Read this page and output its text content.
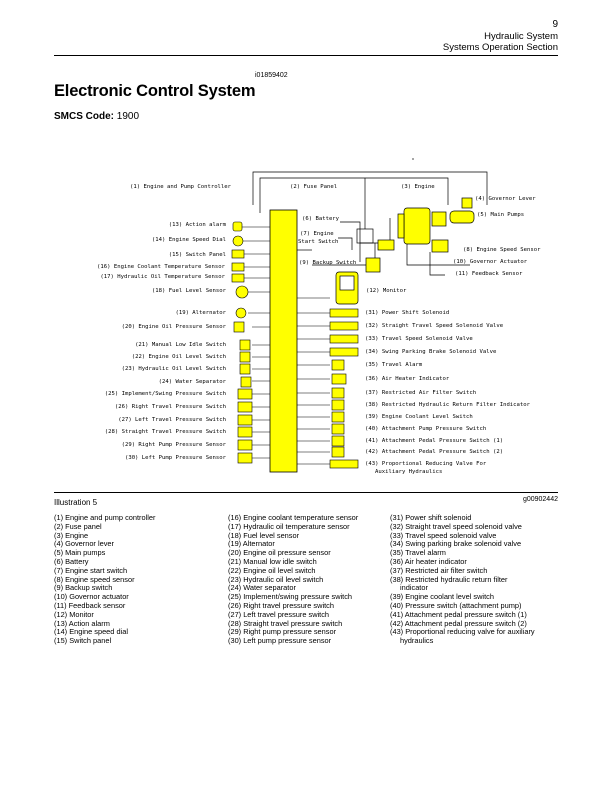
9
Hydraulic System
Systems Operation Section
i01859402
Electronic Control System
SMCS Code: 1900
(1) Engine and Pump Controller	(2) Fuse Panel	(3) Engine
(4) Governor Lever
(5) Main Pumps
(6) Battery
(7) Engine
Start Switch
(8) Engine Speed Sensor
(9) Backup Switch	(10) Governor Actuator
(11) Feedback Sensor
(12) Monitor
(13) Action alarm
(14) Engine Speed Dial
(15) Switch Panel
(16) Engine Coolant Temperature Sensor
(17) Hydraulic Oil Temperature Sensor
(18) Fuel Level Sensor
(19) Alternator
(20) Engine Oil Pressure Sensor
(21) Manual Low Idle Switch
(22) Engine Oil Level Switch
(23) Hydraulic Oil Level Switch
(24) Water Separator
(25) Implement/Swing Pressure Switch
(26) Right Travel Pressure Switch
(27) Left Travel Pressure Switch
(28) Straight Travel Pressure Switch
(29) Right Pump Pressure Sensor
(30) Left Pump Pressure Sensor
(31) Power Shift Solenoid
(32) Straight Travel Speed Solenoid Valve
(33) Travel Speed Solenoid Valve
(34) Swing Parking Brake Solenoid Valve
(35) Travel Alarm
(36) Air Heater Indicator
(37) Restricted Air Filter Switch
(38) Restricted Hydraulic Return Filter Indicator
(39) Engine Coolant Level Switch
(40) Attachment Pump Pressure Switch
(41) Attachment Pedal Pressure Switch (1)
(42) Attachment Pedal Pressure Switch (2)
(43) Proportional Reducing Valve For
Auxiliary Hydraulics
Illustration 5	g00902442
(1) Engine and pump controller
(2) Fuse panel
(3) Engine
(4) Governor lever
(5) Main pumps
(6) Battery
(7) Engine start switch
(8) Engine speed sensor
(9) Backup switch
(10) Governor actuator
(11) Feedback sensor
(12) Monitor
(13) Action alarm
(14) Engine speed dial
(15) Switch panel
(16) Engine coolant temperature sensor
(17) Hydraulic oil temperature sensor
(18) Fuel level sensor
(19) Alternator
(20) Engine oil pressure sensor
(21) Manual low idle switch
(22) Engine oil level switch
(23) Hydraulic oil level switch
(24) Water separator
(25) Implement/swing pressure switch
(26) Right travel pressure switch
(27) Left travel pressure switch
(28) Straight travel pressure switch
(29) Right pump pressure sensor
(30) Left pump pressure sensor
(31) Power shift solenoid
(32) Straight travel speed solenoid valve
(33) Travel speed solenoid valve
(34) Swing parking brake solenoid valve
(35) Travel alarm
(36) Air heater indicator
(37) Restricted air filter switch
(38) Restricted hydraulic return filter
indicator
(39) Engine coolant level switch
(40) Pressure switch (attachment pump)
(41) Attachment pedal pressure switch (1)
(42) Attachment pedal pressure switch (2)
(43) Proportional reducing valve for auxiliary
hydraulics
